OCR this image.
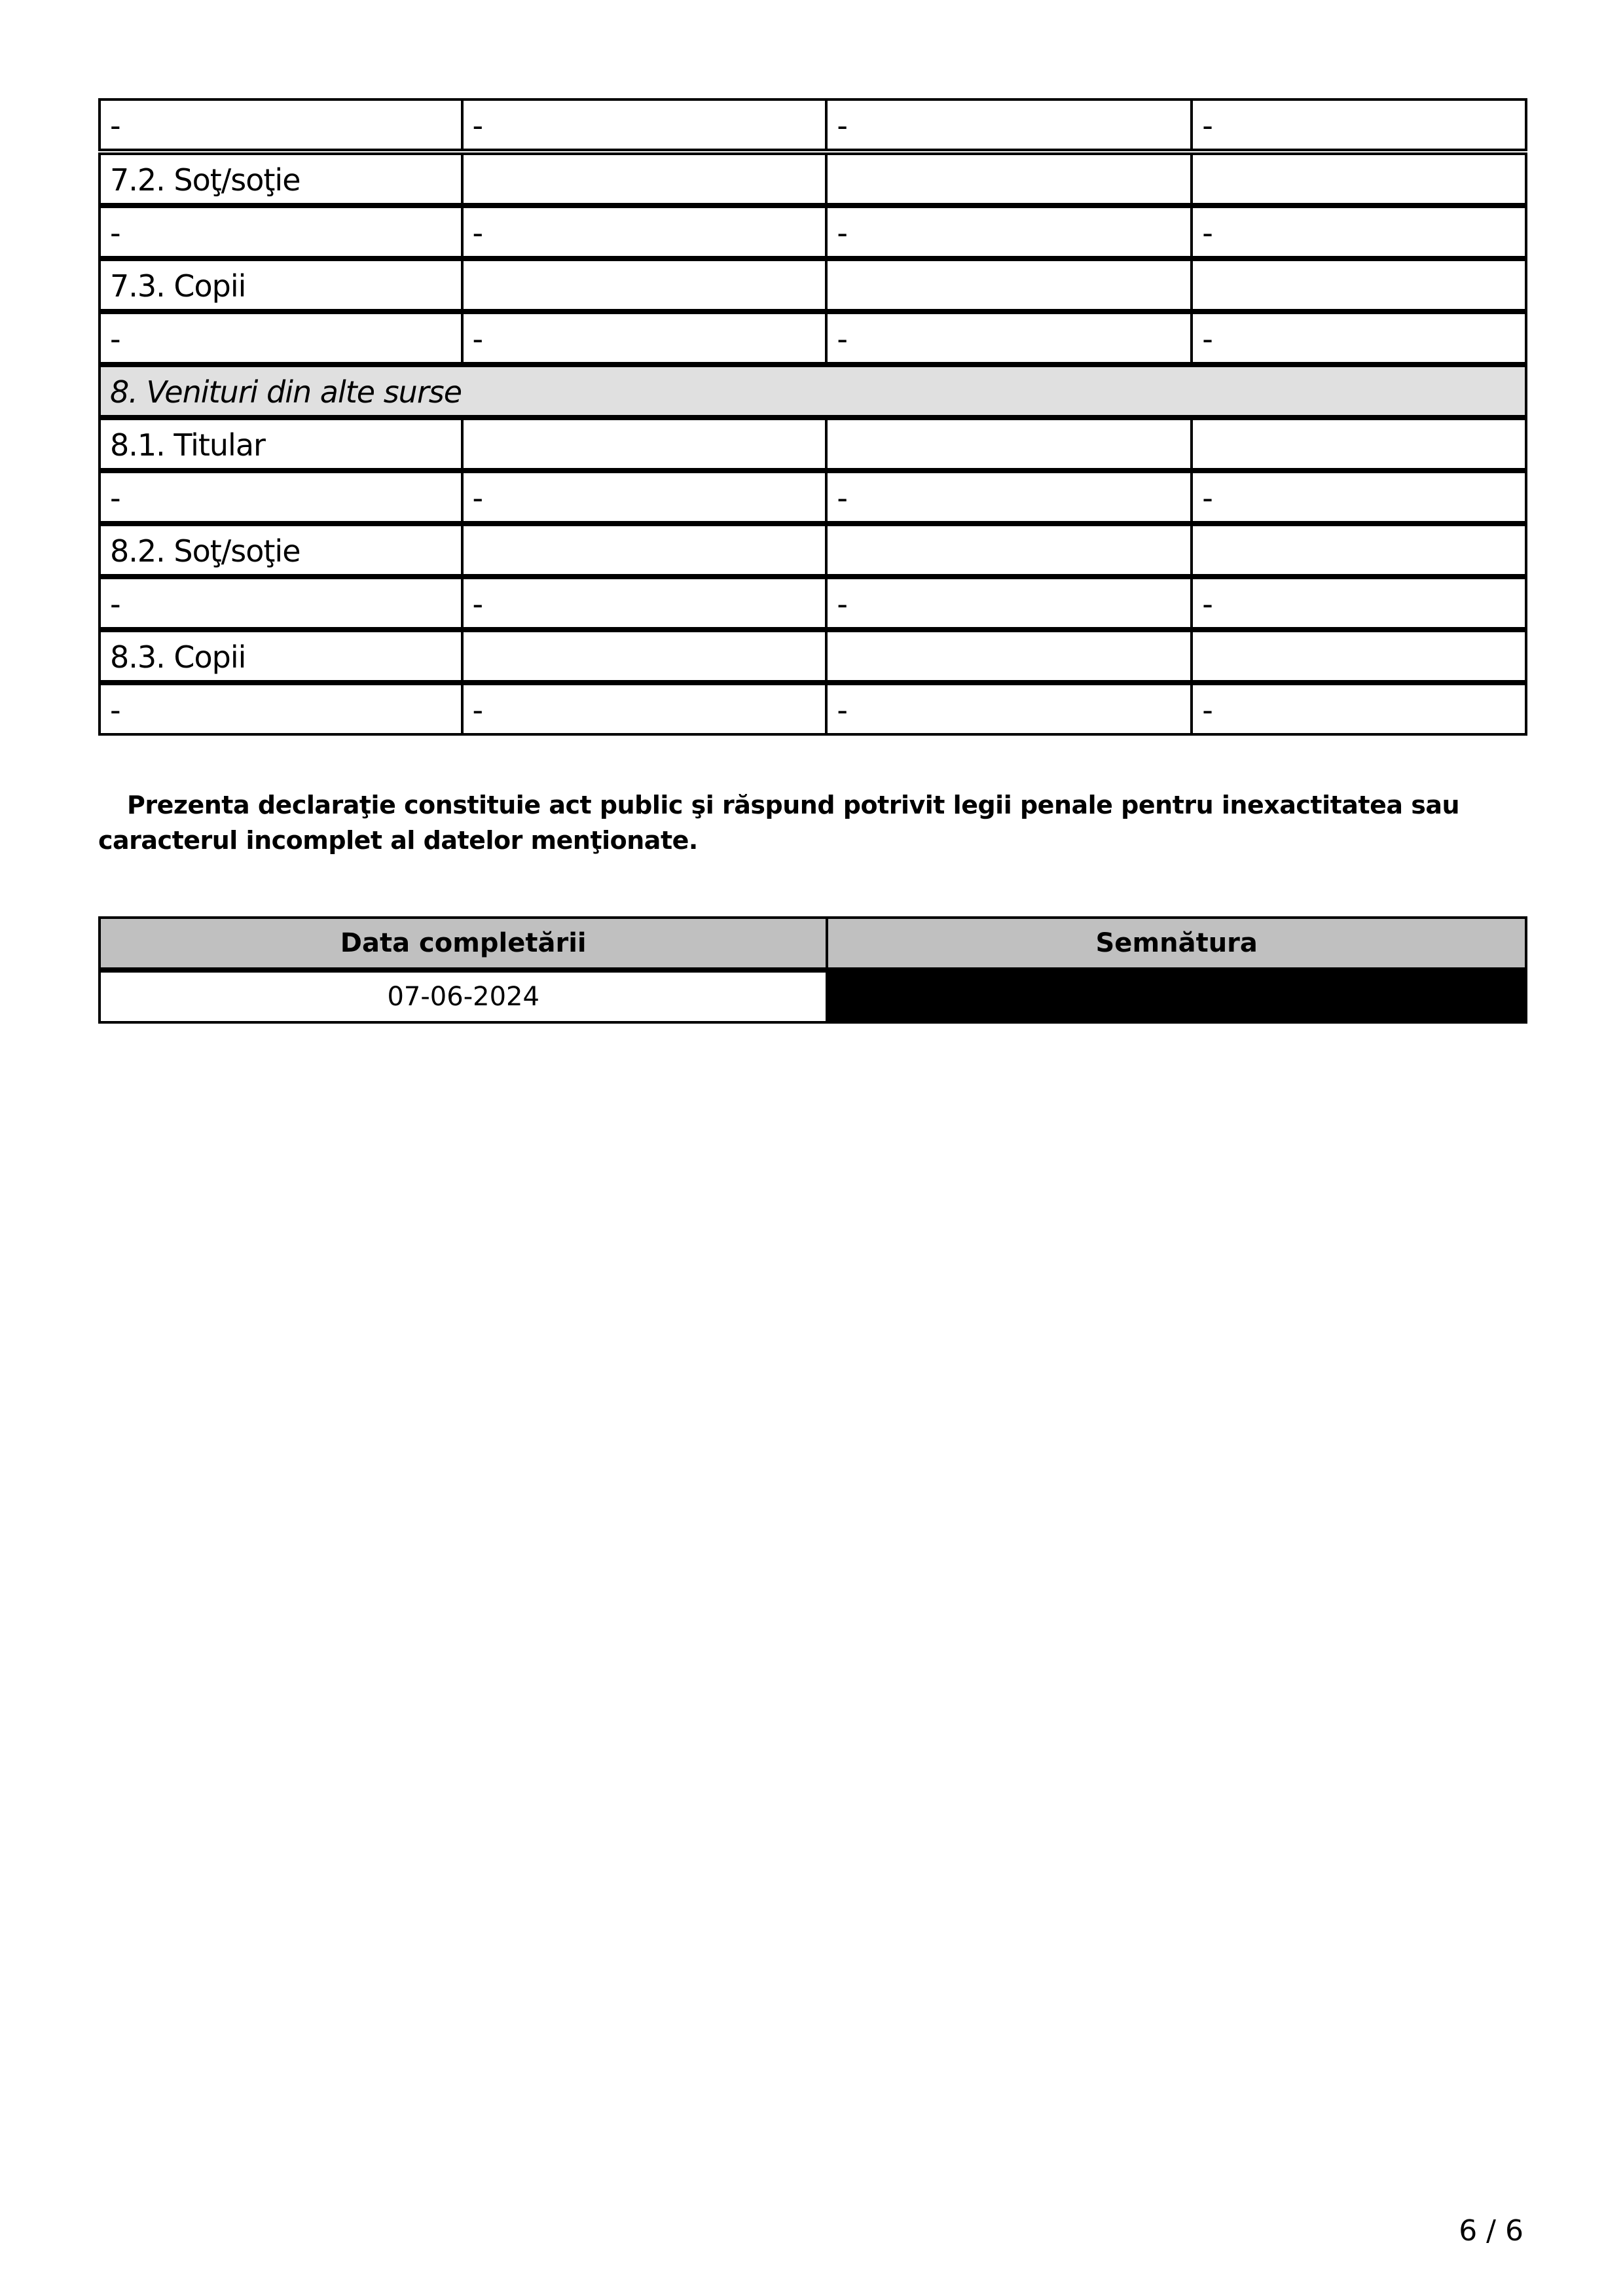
-	-	-	-
7.2. Soţ/soţie
-	-	-	-
7.3. Copii
-	-	-	-
8. Venituri din alte surse
8.1. Titular
-	-	-	-
8.2. Soţ/soţie
-	-	-	-
8.3. Copii
-	-	-	-

Prezenta declaraţie constituie act public şi răspund potrivit legii penale pentru inexactitatea sau caracterul incomplet al datelor menţionate.

Data completării	Semnătura
07-06-2024
6 / 6
